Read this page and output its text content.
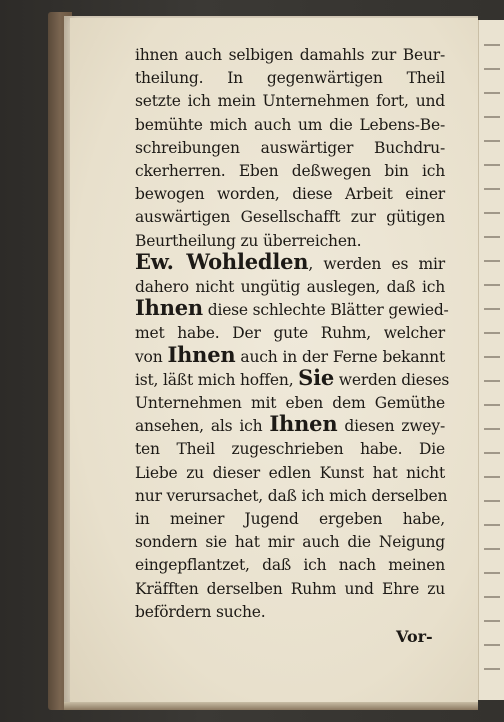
ihnen auch selbigen damahls zur Beur-
theilung. In gegenwärtigen Theil
setzte ich mein Unternehmen fort, und
bemühte mich auch um die Lebens-Be-
schreibungen auswärtiger Buchdru-
ckerherren. Eben deßwegen bin ich
bewogen worden, diese Arbeit einer
auswärtigen Gesellschafft zur gütigen
Beurtheilung zu überreichen.
Ew. Wohledlen, werden es mir
dahero nicht ungütig auslegen, daß ich
Ihnen diese schlechte Blätter gewied-
met habe. Der gute Ruhm, welcher
von Ihnen auch in der Ferne bekannt
ist, läßt mich hoffen, Sie werden dieses
Unternehmen mit eben dem Gemüthe
ansehen, als ich Ihnen diesen zwey-
ten Theil zugeschrieben habe. Die
Liebe zu dieser edlen Kunst hat nicht
nur verursachet, daß ich mich derselben
in meiner Jugend ergeben habe,
sondern sie hat mir auch die Neigung
eingepflantzet, daß ich nach meinen
Kräfften derselben Ruhm und Ehre zu
befördern suche.
Vor-
